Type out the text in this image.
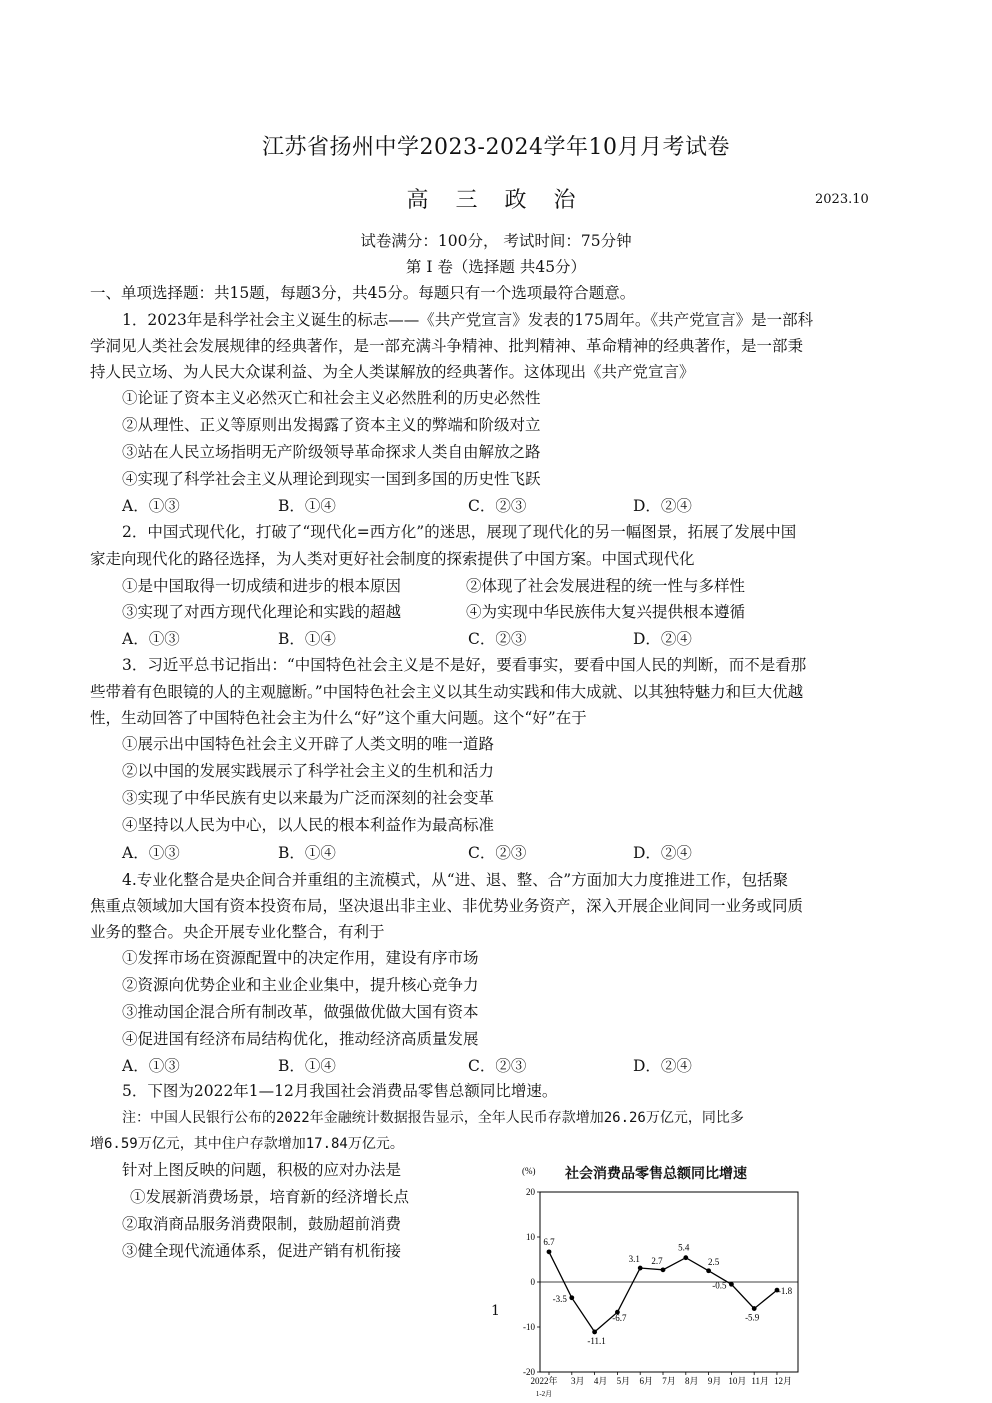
江苏省扬州中学2023-2024学年10月月考试卷
高 三 政 治	2023.10
试卷满分：100分， 考试时间：75分钟
第 Ⅰ 卷（选择题 共45分）
一、单项选择题：共15题，每题3分，共45分。每题只有一个选项最符合题意。
1．2023年是科学社会主义诞生的标志——《共产党宣言》发表的175周年。《共产党宣言》是一部科
学洞见人类社会发展规律的经典著作，是一部充满斗争精神、批判精神、革命精神的经典著作，是一部秉
持人民立场、为人民大众谋利益、为全人类谋解放的经典著作。这体现出《共产党宣言》
①论证了资本主义必然灭亡和社会主义必然胜利的历史必然性
②从理性、正义等原则出发揭露了资本主义的弊端和阶级对立
③站在人民立场指明无产阶级领导革命探求人类自由解放之路
④实现了科学社会主义从理论到现实一国到多国的历史性飞跃
A．①③	B．①④	C．②③	D．②④
2．中国式现代化，打破了“现代化=西方化”的迷思，展现了现代化的另一幅图景，拓展了发展中国
家走向现代化的路径选择，为人类对更好社会制度的探索提供了中国方案。中国式现代化
①是中国取得一切成绩和进步的根本原因	②体现了社会发展进程的统一性与多样性
③实现了对西方现代化理论和实践的超越	④为实现中华民族伟大复兴提供根本遵循
A．①③	B．①④	C．②③	D．②④
3．习近平总书记指出：“中国特色社会主义是不是好，要看事实，要看中国人民的判断，而不是看那
些带着有色眼镜的人的主观臆断。”中国特色社会主义以其生动实践和伟大成就、以其独特魅力和巨大优越
性，生动回答了中国特色社会主为什么“好”这个重大问题。这个“好”在于
①展示出中国特色社会主义开辟了人类文明的唯一道路
②以中国的发展实践展示了科学社会主义的生机和活力
③实现了中华民族有史以来最为广泛而深刻的社会变革
④坚持以人民为中心，以人民的根本利益作为最高标准
A．①③	B．①④	C．②③	D．②④
4.专业化整合是央企间合并重组的主流模式，从“进、退、整、合”方面加大力度推进工作，包括聚
焦重点领域加大国有资本投资布局，坚决退出非主业、非优势业务资产，深入开展企业间同一业务或同质
业务的整合。央企开展专业化整合，有利于
①发挥市场在资源配置中的决定作用，建设有序市场
②资源向优势企业和主业企业集中，提升核心竞争力
③推动国企混合所有制改革，做强做优做大国有资本
④促进国有经济布局结构优化，推动经济高质量发展
A．①③	B．①④	C．②③	D．②④
5．下图为2022年1—12月我国社会消费品零售总额同比增速。
注：中国人民银行公布的2022年金融统计数据报告显示，全年人民币存款增加26.26万亿元，同比多
增6.59万亿元，其中住户存款增加17.84万亿元。
针对上图反映的问题，积极的应对办法是
①发展新消费场景，培育新的经济增长点
②取消商品服务消费限制，鼓励超前消费
③健全现代流通体系，促进产销有机衔接
1
社会消费品零售总额同比增速
(%)
20
10
0
-10
-20
6.7
-3.5
-11.1
-6.7
3.1 2.7
5.4
2.5
-0.5
-5.9
-1.8
2022年 3月 4月 5月 6月 7月 8月 9月 10月 11月 12月
1-2月
